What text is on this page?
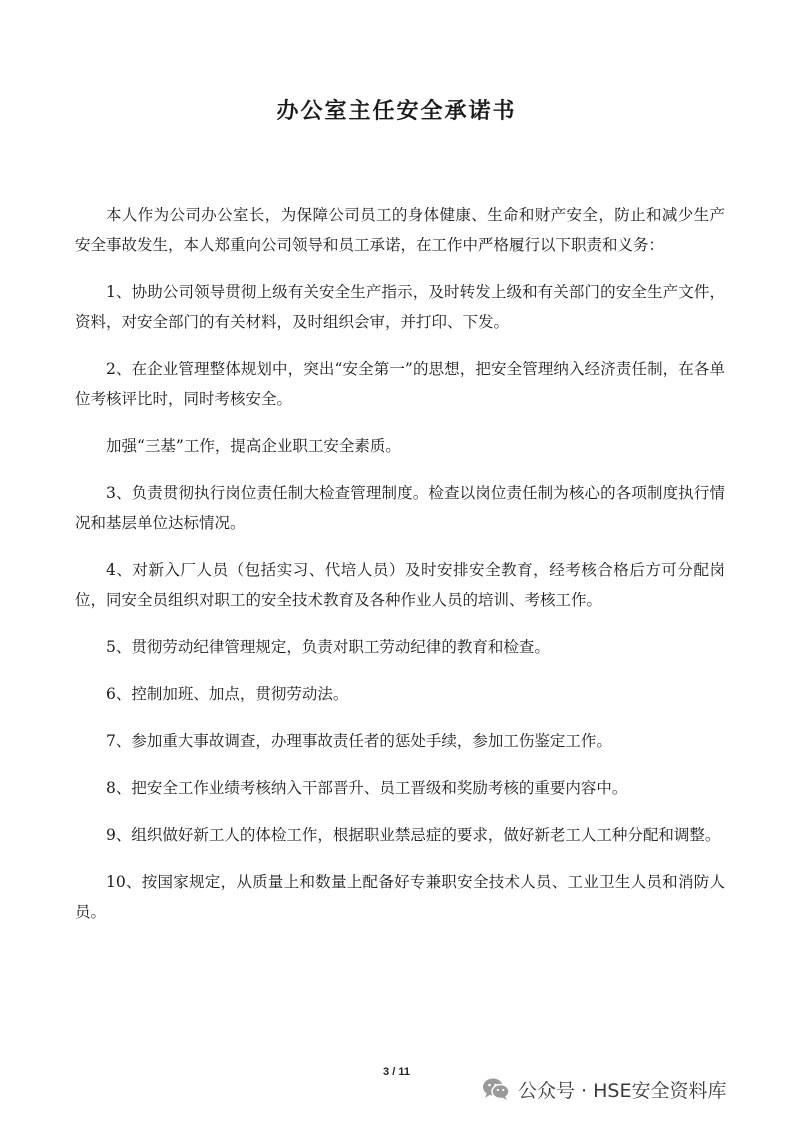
办公室主任安全承诺书

本人作为公司办公室长，为保障公司员工的身体健康、生命和财产安全，防止和减少生产安全事故发生，本人郑重向公司领导和员工承诺，在工作中严格履行以下职责和义务：

1、协助公司领导贯彻上级有关安全生产指示，及时转发上级和有关部门的安全生产文件，资料，对安全部门的有关材料，及时组织会审，并打印、下发。

2、在企业管理整体规划中，突出“安全第一”的思想，把安全管理纳入经济责任制，在各单位考核评比时，同时考核安全。

加强“三基”工作，提高企业职工安全素质。

3、负责贯彻执行岗位责任制大检查管理制度。检查以岗位责任制为核心的各项制度执行情况和基层单位达标情况。

4、对新入厂人员（包括实习、代培人员）及时安排安全教育，经考核合格后方可分配岗位，同安全员组织对职工的安全技术教育及各种作业人员的培训、考核工作。

5、贯彻劳动纪律管理规定，负责对职工劳动纪律的教育和检查。

6、控制加班、加点，贯彻劳动法。

7、参加重大事故调查，办理事故责任者的惩处手续，参加工伤鉴定工作。

8、把安全工作业绩考核纳入干部晋升、员工晋级和奖励考核的重要内容中。

9、组织做好新工人的体检工作，根据职业禁忌症的要求，做好新老工人工种分配和调整。

10、按国家规定，从质量上和数量上配备好专兼职安全技术人员、工业卫生人员和消防人员。

3 / 11
公众号 · HSE安全资料库
